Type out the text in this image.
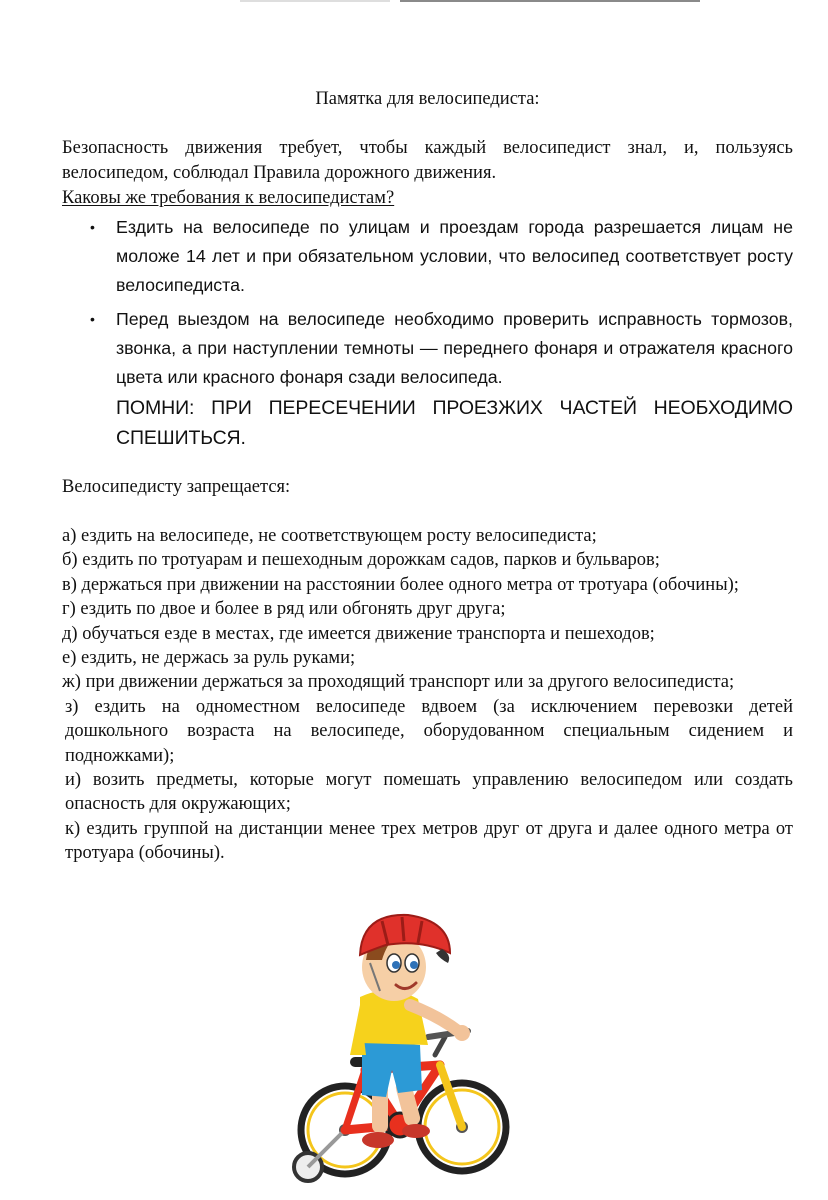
Памятка для велосипедиста:

Безопасность движения требует, чтобы каждый велосипедист знал, и, пользуясь велосипедом, соблюдал Правила дорожного движения.

Каковы же требования к велосипедистам?

• Ездить на велосипеде по улицам и проездам города разрешается лицам не моложе 14 лет и при обязательном условии, что велосипед соответствует росту велосипедиста.
• Перед выездом на велосипеде необходимо проверить исправность тормозов, звонка, а при наступлении темноты — переднего фонаря и отражателя красного цвета или красного фонаря сзади велосипеда.

ПОМНИ: ПРИ ПЕРЕСЕЧЕНИИ ПРОЕЗЖИХ ЧАСТЕЙ НЕОБХОДИМО СПЕШИТЬСЯ.

Велосипедисту запрещается:

а) ездить на велосипеде, не соответствующем росту велосипедиста;

б) ездить по тротуарам и пешеходным дорожкам садов, парков и бульваров;

в) держаться при движении на расстоянии более одного метра от тротуара (обочины);

г) ездить по двое и более в ряд или обгонять друг друга;

д) обучаться езде в местах, где имеется движение транспорта и пешеходов;

е) ездить, не держась за руль руками;

ж) при движении держаться за проходящий транспорт или за другого велосипедиста;

з) ездить на одноместном велосипеде вдвоем (за исключением перевозки детей дошкольного возраста на велосипеде, оборудованном специальным сидением и подножками);

и) возить предметы, которые могут помешать управлению велосипедом или создать опасность для окружающих;

к) ездить группой на дистанции менее трех метров друг от друга и далее одного метра от тротуара (обочины).
